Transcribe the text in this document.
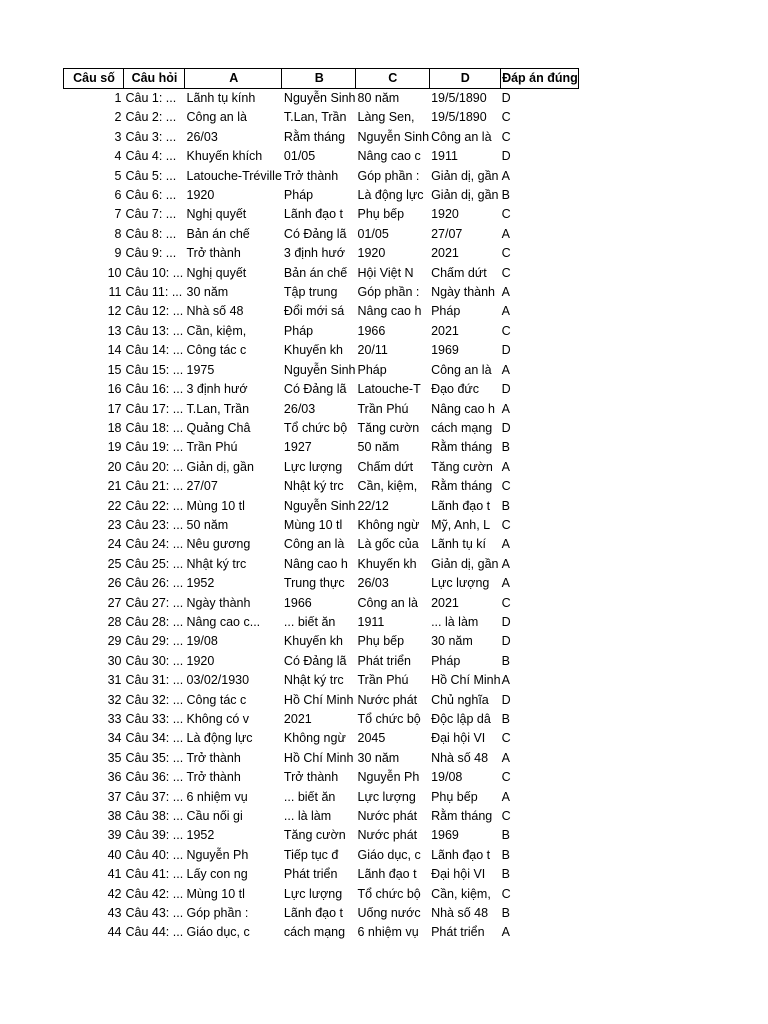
Câu số	Câu hỏi	A	B	C	D	Đáp án đúng
1	Câu 1: ...	Lãnh tụ kính	Nguyễn Sinh	80 năm	19/5/1890	D
2	Câu 2: ...	Công an là	T.Lan, Trần	Làng Sen,	19/5/1890	C
3	Câu 3: ...	26/03	Rằm tháng	Nguyễn Sinh	Công an là	C
4	Câu 4: ...	Khuyến khích	01/05	Nâng cao c	1911	D
5	Câu 5: ...	Latouche-Tréville	Trở thành	Góp phần :	Giản dị, gần	A
6	Câu 6: ...	1920	Pháp	Là động lực	Giản dị, gần	B
7	Câu 7: ...	Nghị quyết	Lãnh đạo t	Phụ bếp	1920	C
8	Câu 8: ...	Bản án chế	Có Đảng lã	01/05	27/07	A
9	Câu 9: ...	Trở thành	3 định hướ	1920	2021	C
10	Câu 10: ...	Nghị quyết	Bản án chế	Hội Việt N	Chấm dứt	C
11	Câu 11: ...	30 năm	Tập trung	Góp phần :	Ngày thành	A
12	Câu 12: ...	Nhà số 48	Đổi mới sá	Nâng cao h	Pháp	A
13	Câu 13: ...	Cần, kiệm,	Pháp	1966	2021	C
14	Câu 14: ...	Công tác c	Khuyến kh	20/11	1969	D
15	Câu 15: ...	1975	Nguyễn Sinh	Pháp	Công an là	A
16	Câu 16: ...	3 định hướ	Có Đảng lã	Latouche-T	Đạo đức	D
17	Câu 17: ...	T.Lan, Trần	26/03	Trần Phú	Nâng cao h	A
18	Câu 18: ...	Quảng Châ	Tổ chức bộ	Tăng cườn	cách mạng	D
19	Câu 19: ...	Trần Phú	1927	50 năm	Rằm tháng	B
20	Câu 20: ...	Giản dị, gần	Lực lượng	Chấm dứt	Tăng cườn	A
21	Câu 21: ...	27/07	Nhật ký trc	Cần, kiệm,	Rằm tháng	C
22	Câu 22: ...	Mùng 10 tl	Nguyễn Sinh	22/12	Lãnh đạo t	B
23	Câu 23: ...	50 năm	Mùng 10 tl	Không ngừ	Mỹ, Anh, L	C
24	Câu 24: ...	Nêu gương	Công an là	Là gốc của	Lãnh tụ kí	A
25	Câu 25: ...	Nhật ký trc	Nâng cao h	Khuyến kh	Giản dị, gần	A
26	Câu 26: ...	1952	Trung thực	26/03	Lực lượng	A
27	Câu 27: ...	Ngày thành	1966	Công an là	2021	C
28	Câu 28: ...	Nâng cao c...	... biết ăn	1911	... là làm	D
29	Câu 29: ...	19/08	Khuyến kh	Phụ bếp	30 năm	D
30	Câu 30: ...	1920	Có Đảng lã	Phát triển	Pháp	B
31	Câu 31: ...	03/02/1930	Nhật ký trc	Trần Phú	Hồ Chí Minh	A
32	Câu 32: ...	Công tác c	Hồ Chí Minh	Nước phát	Chủ nghĩa	D
33	Câu 33: ...	Không có v	2021	Tổ chức bộ	Độc lập dâ	B
34	Câu 34: ...	Là động lực	Không ngừ	2045	Đại hội VI	C
35	Câu 35: ...	Trở thành	Hồ Chí Minh	30 năm	Nhà số 48	A
36	Câu 36: ...	Trở thành	Trở thành	Nguyễn Ph	19/08	C
37	Câu 37: ...	6 nhiệm vụ	... biết ăn	Lực lượng	Phụ bếp	A
38	Câu 38: ...	Cầu nối gi	... là làm	Nước phát	Rằm tháng	C
39	Câu 39: ...	1952	Tăng cườn	Nước phát	1969	B
40	Câu 40: ...	Nguyễn Ph	Tiếp tục đ	Giáo dục, c	Lãnh đạo t	B
41	Câu 41: ...	Lấy con ng	Phát triển	Lãnh đạo t	Đại hội VI	B
42	Câu 42: ...	Mùng 10 tl	Lực lượng	Tổ chức bộ	Cần, kiệm,	C
43	Câu 43: ...	Góp phần :	Lãnh đạo t	Uống nước	Nhà số 48	B
44	Câu 44: ...	Giáo dục, c	cách mạng	6 nhiệm vụ	Phát triển	A
